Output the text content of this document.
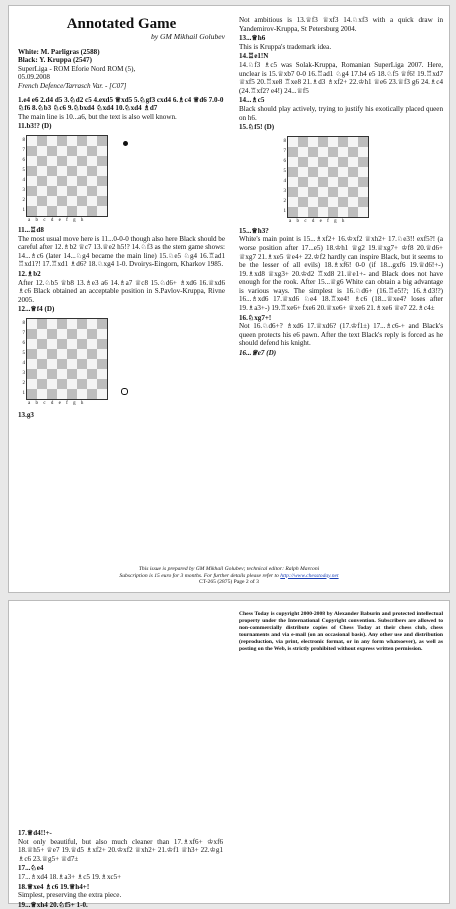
Annotated Game
by GM Mikhail Golubev
White: M. Parligras (2588)
Black: Y. Kruppa (2547)
SuperLiga - ROM Eforie Nord ROM (5),
05.09.2008
French Defence/Tarrasch Var. - [C07]

1.e4 e6 2.d4 d5 3.♘d2 c5 4.exd5 ♕xd5 5.♘gf3 cxd4 6.♗c4 ♕d6 7.0-0 ♘f6 8.♘b3 ♘c6 9.♘bxd4 ♘xd4 10.♘xd4 ♗d7

The main line is 10...a6, but the text is also well known.

11.b3!? (D)

8
7
6
5
4
3
2
1
abcdefgh

11...♖d8

The most usual move here is 11...0-0-0 though also here Black should be careful after 12.♗b2 ♕c7 13.♕e2 h5!? 14.♘f3 as the stem game shows: 14...♗c6 (later 14...♘g4 became the main line) 15.♘e5 ♘g4 16.♖ad1 ♖xd1?! 17.♖xd1 ♗d6? 18.♘xg4 1-0. Dvoirys-Eingorn, Kharkov 1985.

12.♗b2

After 12.♘b5 ♕b8 13.♗e3 a6 14.♗a7 ♕c8 15.♘d6+ ♗xd6 16.♕xd6 ♗c6 Black obtained an acceptable position in S.Pavlov-Kruppa, Rivne 2005.

12...♕f4 (D)

8
7
6
5
4
3
2
1
abcdefgh

13.g3

Not ambitious is 13.♕f3 ♕xf3 14.♘xf3 with a quick draw in Yandemirov-Kruppa, St Petersburg 2004.

13...♕h6

This is Kruppa's trademark idea.

14.♖e1!N

14.♘f3 ♗c5 was Solak-Kruppa, Romanian SuperLiga 2007. Here, unclear is 15.♕xb7 0-0 16.♖ad1 ♘g4 17.h4 e5 18.♘f5 ♕f6! 19.♖xd7 ♕xf5 20.♖xe8 ♖xe8 21.♗d3 ♗xf2+ 22.♔h1 ♕e6 23.♕f3 g6 24.♗c4 (24.♖xf2? e4!) 24...♕f5

14...♗c5

Black should play actively, trying to justify his exotically placed queen on h6.

15.♘f5! (D)

8
7
6
5
4
3
2
1
abcdefgh

15...♕h3?

White's main point is 15...♗xf2+ 16.♔xf2 ♕xh2+ 17.♘e3!! exf5?! (a worse position after 17...e5) 18.♔h1 ♕g2 19.♕xg7+ ♔f8 20.♕d6+ ♕xg7 21.♗xe5 ♕e4+ 22.♔f2 hardly can inspire Black, but it seems to be the lesser of all evils) 18.♗xf6! 0-0 (if 18...gxf6 19.♕d6!+-) 19.♗xd8 ♕xg3+ 20.♔d2 ♖xd8 21.♕e1+- and Black does not have enough for the rook. After 15...♕g6 White can obtain a big advantage is various ways. The simplest is 16.♘d6+ (16.♖e5!?; 16.♗d3!?) 16...♗xd6 17.♕xd6 ♘e4 18.♖xe4! ♗c6 (18...♕xe4? loses after 19.♗a3+-) 19.♖xe6+ fxe6 20.♕xe6+ ♕xe6 21.♗xe6 ♕e7 22.♗c4±

16.♘xg7+!

Not 16.♘d6+? ♗xd6 17.♕xd6? (17.♔f1±) 17...♗c6-+ and Black's queen protects his e6 pawn. After the text Black's reply is forced as he should defend his knight.

16...♕e7 (D)

This issue is prepared by GM Mikhail Golubev; technical editor: Ralph Marconi
Subscription is 15 euro for 3 months. For further details please refer to http://www.chesstoday.net
CT-265 (2875) Page 2 of 3

17.♕d4!!+-

Not only beautiful, but also much cleaner than 17.♗xf6+ ♔xf6 18.♕h5+ ♕e7 19.♕d5 ♗xf2+ 20.♔xf2 ♕xh2+ 21.♔f1 ♕h3+ 22.♔g1 ♗c6 23.♕g5+ ♕d7±

17...♘e4

17...♗xd4 18.♗a3+ ♗c5 19.♗xc5+

18.♕xe4 ♗c6 19.♕h4+!

Simplest, preserving the extra piece.

19...♕xh4 20.♘f5+ 1-0.

Chess Today is copyright 2000-2008 by Alexander Baburin and protected intellectual property under the International Copyright convention. Subscribers are allowed to non-commercially distribute copies of Chess Today at their chess club, chess tournaments and via e-mail (on an occasional basis). Any other use and distribution (reproduction, via print, electronic format, or in any form whatsoever), as well as posting on the Web, is strictly prohibited without express written permission.
